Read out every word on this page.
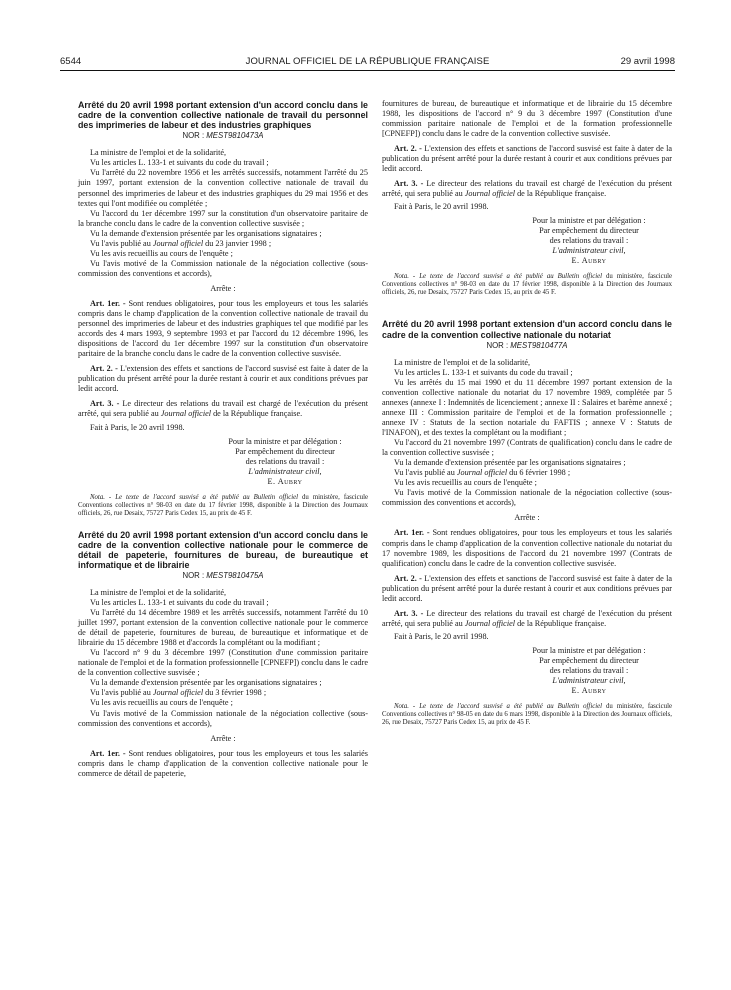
6544	JOURNAL OFFICIEL DE LA RÉPUBLIQUE FRANÇAISE	29 avril 1998
Arrêté du 20 avril 1998 portant extension d'un accord conclu dans le cadre de la convention collective nationale de travail du personnel des imprimeries de labeur et des industries graphiques
NOR : MESТ9810473A

La ministre de l'emploi et de la solidarité,

Vu les articles L. 133-1 et suivants du code du travail ;

Vu l'arrêté du 22 novembre 1956 et les arrêtés successifs, notamment l'arrêté du 25 juin 1997, portant extension de la convention collective nationale de travail du personnel des imprimeries de labeur et des industries graphiques du 29 mai 1956 et des textes qui l'ont modifiée ou complétée ;

Vu l'accord du 1er décembre 1997 sur la constitution d'un observatoire paritaire de la branche conclu dans le cadre de la convention collective susvisée ;

Vu la demande d'extension présentée par les organisations signataires ;

Vu l'avis publié au Journal officiel du 23 janvier 1998 ;

Vu les avis recueillis au cours de l'enquête ;

Vu l'avis motivé de la Commission nationale de la négociation collective (sous-commission des conventions et accords),

Arrête :

Art. 1er. - Sont rendues obligatoires, pour tous les employeurs et tous les salariés compris dans le champ d'application de la convention collective nationale de travail du personnel des imprimeries de labeur et des industries graphiques tel que modifié par les accords des 4 mars 1993, 9 septembre 1993 et par l'accord du 12 décembre 1996, les dispositions de l'accord du 1er décembre 1997 sur la constitution d'un observatoire paritaire de la branche conclu dans le cadre de la convention collective susvisée.

Art. 2. - L'extension des effets et sanctions de l'accord susvisé est faite à dater de la publication du présent arrêté pour la durée restant à courir et aux conditions prévues par ledit accord.

Art. 3. - Le directeur des relations du travail est chargé de l'exécution du présent arrêté, qui sera publié au Journal officiel de la République française.

Fait à Paris, le 20 avril 1998.

Pour la ministre et par délégation :
Par empêchement du directeur
des relations du travail :
L'administrateur civil,
E. Aubry

Nota. - Le texte de l'accord susvisé a été publié au Bulletin officiel du ministère, fascicule Conventions collectives n° 98-03 en date du 17 février 1998, disponible à la Direction des Journaux officiels, 26, rue Desaix, 75727 Paris Cedex 15, au prix de 45 F.

Arrêté du 20 avril 1998 portant extension d'un accord conclu dans le cadre de la convention collective nationale pour le commerce de détail de papeterie, fournitures de bureau, de bureautique et informatique et de librairie
NOR : MEST9810475A

La ministre de l'emploi et de la solidarité,

Vu les articles L. 133-1 et suivants du code du travail ;

Vu l'arrêté du 14 décembre 1989 et les arrêtés successifs, notamment l'arrêté du 10 juillet 1997, portant extension de la convention collective nationale pour le commerce de détail de papeterie, fournitures de bureau, de bureautique et informatique et de librairie du 15 décembre 1988 et d'accords la complétant ou la modifiant ;

Vu l'accord n° 9 du 3 décembre 1997 (Constitution d'une commission paritaire nationale de l'emploi et de la formation professionnelle [CPNEFP]) conclu dans le cadre de la convention collective susvisée ;

Vu la demande d'extension présentée par les organisations signataires ;

Vu l'avis publié au Journal officiel du 3 février 1998 ;

Vu les avis recueillis au cours de l'enquête ;

Vu l'avis motivé de la Commission nationale de la négociation collective (sous-commission des conventions et accords),

Arrête :

Art. 1er. - Sont rendues obligatoires, pour tous les employeurs et tous les salariés compris dans le champ d'application de la convention collective nationale pour le commerce de détail de papeterie,

fournitures de bureau, de bureautique et informatique et de librairie du 15 décembre 1988, les dispositions de l'accord n° 9 du 3 décembre 1997 (Constitution d'une commission paritaire nationale de l'emploi et de la formation professionnelle [CPNEFP]) conclu dans le cadre de la convention collective susvisée.

Art. 2. - L'extension des effets et sanctions de l'accord susvisé est faite à dater de la publication du présent arrêté pour la durée restant à courir et aux conditions prévues par ledit accord.

Art. 3. - Le directeur des relations du travail est chargé de l'exécution du présent arrêté, qui sera publié au Journal officiel de la République française.

Fait à Paris, le 20 avril 1998.

Pour la ministre et par délégation :
Par empêchement du directeur
des relations du travail :
L'administrateur civil,
E. Aubry

Nota. - Le texte de l'accord susvisé a été publié au Bulletin officiel du ministère, fascicule Conventions collectives n° 98-03 en date du 17 février 1998, disponible à la Direction des Journaux officiels, 26, rue Desaix, 75727 Paris Cedex 15, au prix de 45 F.

Arrêté du 20 avril 1998 portant extension d'un accord conclu dans le cadre de la convention collective nationale du notariat
NOR : MEST9810477A

La ministre de l'emploi et de la solidarité,

Vu les articles L. 133-1 et suivants du code du travail ;

Vu les arrêtés du 15 mai 1990 et du 11 décembre 1997 portant extension de la convention collective nationale du notariat du 17 novembre 1989, complétée par 5 annexes (annexe I : Indemnités de licenciement ; annexe II : Salaires et barème annexé ; annexe III : Commission paritaire de l'emploi et de la formation professionnelle ; annexe IV : Statuts de la section notariale du FAFTIS ; annexe V : Statuts de l'INAFON), et des textes la complétant ou la modifiant ;

Vu l'accord du 21 novembre 1997 (Contrats de qualification) conclu dans le cadre de la convention collective susvisée ;

Vu la demande d'extension présentée par les organisations signataires ;

Vu l'avis publié au Journal officiel du 6 février 1998 ;

Vu les avis recueillis au cours de l'enquête ;

Vu l'avis motivé de la Commission nationale de la négociation collective (sous-commission des conventions et accords),

Arrête :

Art. 1er. - Sont rendues obligatoires, pour tous les employeurs et tous les salariés compris dans le champ d'application de la convention collective nationale du notariat du 17 novembre 1989, les dispositions de l'accord du 21 novembre 1997 (Contrats de qualification) conclu dans le cadre de la convention collective susvisée.

Art. 2. - L'extension des effets et sanctions de l'accord susvisé est faite à dater de la publication du présent arrêté pour la durée restant à courir et aux conditions prévues par ledit accord.

Art. 3. - Le directeur des relations du travail est chargé de l'exécution du présent arrêté, qui sera publié au Journal officiel de la République française.

Fait à Paris, le 20 avril 1998.

Pour la ministre et par délégation :
Par empêchement du directeur
des relations du travail :
L'administrateur civil,
E. Aubry

Nota. - Le texte de l'accord susvisé a été publié au Bulletin officiel du ministère, fascicule Conventions collectives n° 98-05 en date du 6 mars 1998, disponible à la Direction des Journaux officiels, 26, rue Desaix, 75727 Paris Cedex 15, au prix de 45 F.
